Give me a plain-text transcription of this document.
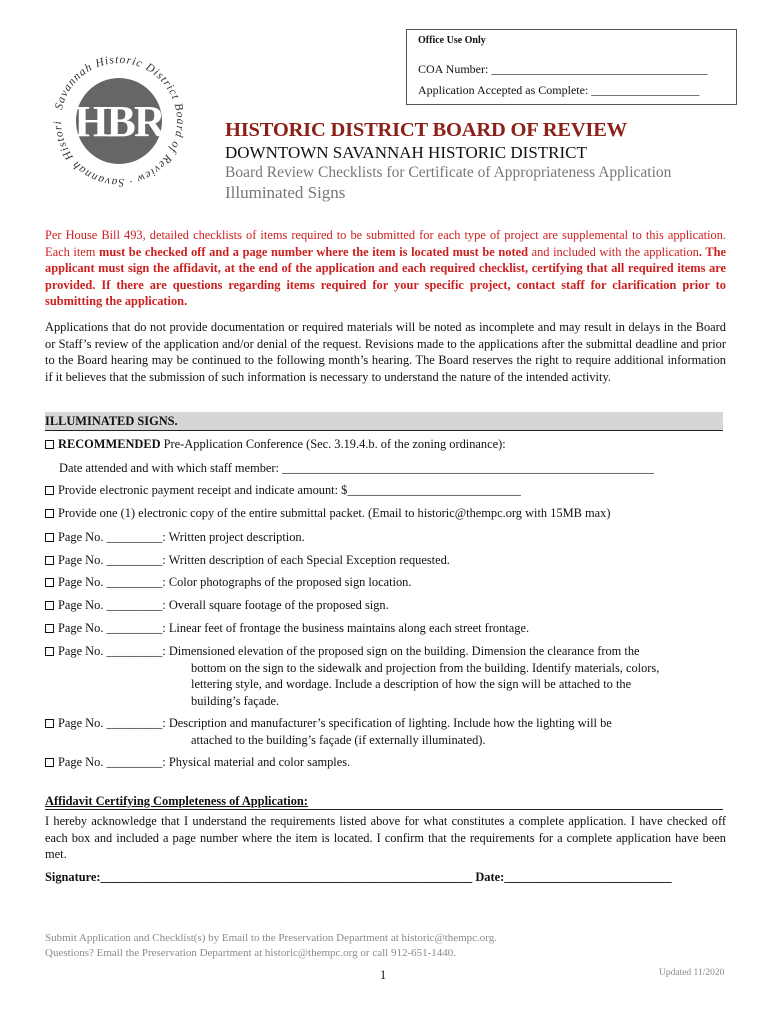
Office Use Only
COA Number: ____________________________________
Application Accepted as Complete: __________________
Savannah Historic District Board of Review · Savannah Histori HBR	HISTORIC DISTRICT BOARD OF REVIEW
DOWNTOWN SAVANNAH HISTORIC DISTRICT
Board Review Checklists for Certificate of Appropriateness Application
Illuminated Signs
Per House Bill 493, detailed checklists of items required to be submitted for each type of project are supplemental to this application. Each item must be checked off and a page number where the item is located must be noted and included with the application. The applicant must sign the affidavit, at the end of the application and each required checklist, certifying that all required items are provided. If there are questions regarding items required for your specific project, contact staff for clarification prior to submitting the application.
Applications that do not provide documentation or required materials will be noted as incomplete and may result in delays in the Board or Staff’s review of the application and/or denial of the request. Revisions made to the applications after the submittal deadline and prior to the Board hearing may be continued to the following month’s hearing. The Board reserves the right to require additional information if it believes that the submission of such information is necessary to understand the nature of the intended activity.
ILLUMINATED SIGNS.
RECOMMENDED Pre-Application Conference (Sec. 3.19.4.b. of the zoning ordinance):
Date attended and with which staff member: ____________________________________________________________
Provide electronic payment receipt and indicate amount: $____________________________
Provide one (1) electronic copy of the entire submittal packet. (Email to historic@thempc.org with 15MB max)
Page No. _________: Written project description.
Page No. _________: Written description of each Special Exception requested.
Page No. _________: Color photographs of the proposed sign location.
Page No. _________: Overall square footage of the proposed sign.
Page No. _________: Linear feet of frontage the business maintains along each street frontage.
Page No. _________: Dimensioned elevation of the proposed sign on the building. Dimension the clearance from the
bottom on the sign to the sidewalk and projection from the building. Identify materials, colors,
lettering style, and wordage. Include a description of how the sign will be attached to the
building’s façade.
Page No. _________: Description and manufacturer’s specification of lighting. Include how the lighting will be
attached to the building’s façade (if externally illuminated).
Page No. _________: Physical material and color samples.
Affidavit Certifying Completeness of Application:
I hereby acknowledge that I understand the requirements listed above for what constitutes a complete application. I have checked off each box and included a page number where the item is located. I confirm that the requirements for a complete application have been met.
Signature:____________________________________________________________ Date:___________________________
Submit Application and Checklist(s) by Email to the Preservation Department at historic@thempc.org.
Questions? Email the Preservation Department at historic@thempc.org or call 912-651-1440.
1	Updated 11/2020
